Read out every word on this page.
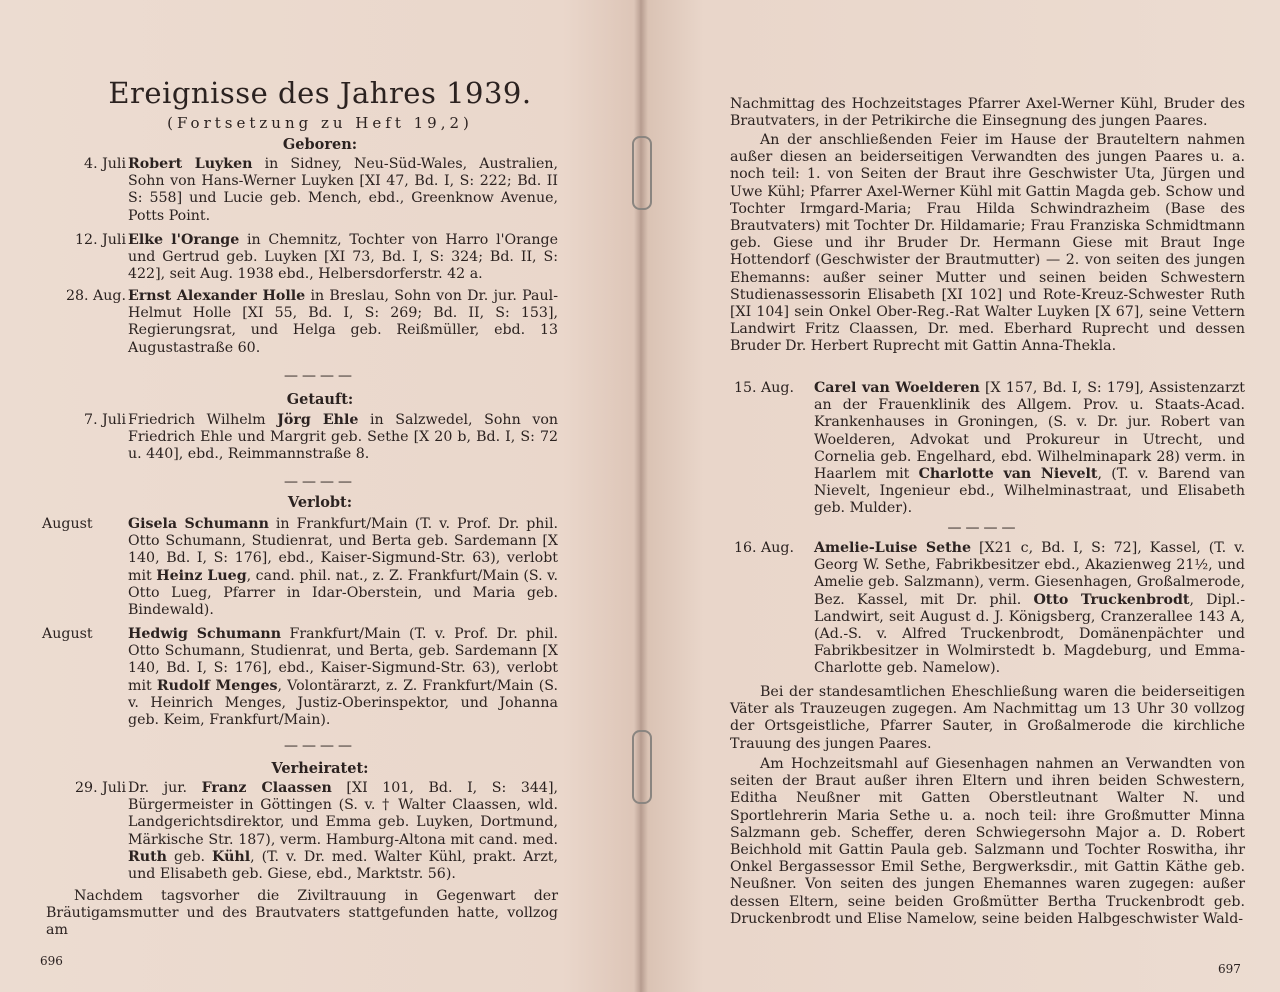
Ereignisse des Jahres 1939.
(Fortsetzung zu Heft 19,2)
Geboren:
4. Juli Robert Luyken in Sidney, Neu-Süd-Wales, Australien, Sohn von Hans-Werner Luyken [XI 47, Bd. I, S: 222; Bd. II S: 558] und Lucie geb. Mench, ebd., Greenknow Avenue, Potts Point.
12. Juli Elke l'Orange in Chemnitz, Tochter von Harro l'Orange und Gertrud geb. Luyken [XI 73, Bd. I, S: 324; Bd. II, S: 422], seit Aug. 1938 ebd., Helbersdorferstr. 42 a.
28. Aug. Ernst Alexander Holle in Breslau, Sohn von Dr. jur. Paul-Helmut Holle [XI 55, Bd. I, S: 269; Bd. II, S: 153], Regierungsrat, und Helga geb. Reißmüller, ebd. 13 Augustastraße 60.
————
Getauft:
7. Juli Friedrich Wilhelm Jörg Ehle in Salzwedel, Sohn von Friedrich Ehle und Margrit geb. Sethe [X 20 b, Bd. I, S: 72 u. 440], ebd., Reimmannstraße 8.
————
Verlobt:
August	Gisela Schumann in Frankfurt/Main (T. v. Prof. Dr. phil. Otto Schumann, Studienrat, und Berta geb. Sardemann [X 140, Bd. I, S: 176], ebd., Kaiser-Sigmund-Str. 63), verlobt mit Heinz Lueg, cand. phil. nat., z. Z. Frankfurt/Main (S. v. Otto Lueg, Pfarrer in Idar-Oberstein, und Maria geb. Bindewald).
August	Hedwig Schumann Frankfurt/Main (T. v. Prof. Dr. phil. Otto Schumann, Studienrat, und Berta, geb. Sardemann [X 140, Bd. I, S: 176], ebd., Kaiser-Sigmund-Str. 63), verlobt mit Rudolf Menges, Volontärarzt, z. Z. Frankfurt/Main (S. v. Heinrich Menges, Justiz-Oberinspektor, und Johanna geb. Keim, Frankfurt/Main).
————
Verheiratet:
29. Juli Dr. jur. Franz Claassen [XI 101, Bd. I, S: 344], Bürgermeister in Göttingen (S. v. † Walter Claassen, wld. Landgerichtsdirektor, und Emma geb. Luyken, Dortmund, Märkische Str. 187), verm. Hamburg-Altona mit cand. med. Ruth geb. Kühl, (T. v. Dr. med. Walter Kühl, prakt. Arzt, und Elisabeth geb. Giese, ebd., Marktstr. 56).
Nachdem tagsvorher die Ziviltrauung in Gegenwart der Bräutigamsmutter und des Brautvaters stattgefunden hatte, vollzog am
696
Nachmittag des Hochzeitstages Pfarrer Axel-Werner Kühl, Bruder des Brautvaters, in der Petrikirche die Einsegnung des jungen Paares.
An der anschließenden Feier im Hause der Brauteltern nahmen außer diesen an beiderseitigen Verwandten des jungen Paares u. a. noch teil: 1. von Seiten der Braut ihre Geschwister Uta, Jürgen und Uwe Kühl; Pfarrer Axel-Werner Kühl mit Gattin Magda geb. Schow und Tochter Irmgard-Maria; Frau Hilda Schwindrazheim (Base des Brautvaters) mit Tochter Dr. Hildamarie; Frau Franziska Schmidtmann geb. Giese und ihr Bruder Dr. Hermann Giese mit Braut Inge Hottendorf (Geschwister der Brautmutter) — 2. von seiten des jungen Ehemanns: außer seiner Mutter und seinen beiden Schwestern Studienassessorin Elisabeth [XI 102] und Rote-Kreuz-Schwester Ruth [XI 104] sein Onkel Ober-Reg.-Rat Walter Luyken [X 67], seine Vettern Landwirt Fritz Claassen, Dr. med. Eberhard Ruprecht und dessen Bruder Dr. Herbert Ruprecht mit Gattin Anna-Thekla.
15. Aug. Carel van Woelderen [X 157, Bd. I, S: 179], Assistenzarzt an der Frauenklinik des Allgem. Prov. u. Staats-Acad. Krankenhauses in Groningen, (S. v. Dr. jur. Robert van Woelderen, Advokat und Prokureur in Utrecht, und Cornelia geb. Engelhard, ebd. Wilhelminapark 28) verm. in Haarlem mit Charlotte van Nievelt, (T. v. Barend van Nievelt, Ingenieur ebd., Wilhelminastraat, und Elisabeth geb. Mulder).
————
16. Aug. Amelie-Luise Sethe [X21 c, Bd. I, S: 72], Kassel, (T. v. Georg W. Sethe, Fabrikbesitzer ebd., Akazienweg 21½, und Amelie geb. Salzmann), verm. Giesenhagen, Großalmerode, Bez. Kassel, mit Dr. phil. Otto Truckenbrodt, Dipl.-Landwirt, seit August d. J. Königsberg, Cranzerallee 143 A, (Ad.-S. v. Alfred Truckenbrodt, Domänenpächter und Fabrikbesitzer in Wolmirstedt b. Magdeburg, und Emma-Charlotte geb. Namelow).
Bei der standesamtlichen Eheschließung waren die beiderseitigen Väter als Trauzeugen zugegen. Am Nachmittag um 13 Uhr 30 vollzog der Ortsgeistliche, Pfarrer Sauter, in Großalmerode die kirchliche Trauung des jungen Paares.
Am Hochzeitsmahl auf Giesenhagen nahmen an Verwandten von seiten der Braut außer ihren Eltern und ihren beiden Schwestern, Editha Neußner mit Gatten Oberstleutnant Walter N. und Sportlehrerin Maria Sethe u. a. noch teil: ihre Großmutter Minna Salzmann geb. Scheffer, deren Schwiegersohn Major a. D. Robert Beichhold mit Gattin Paula geb. Salzmann und Tochter Roswitha, ihr Onkel Bergassessor Emil Sethe, Bergwerksdir., mit Gattin Käthe geb. Neußner. Von seiten des jungen Ehemannes waren zugegen: außer dessen Eltern, seine beiden Großmütter Bertha Truckenbrodt geb. Druckenbrodt und Elise Namelow, seine beiden Halbgeschwister Wald-
697
